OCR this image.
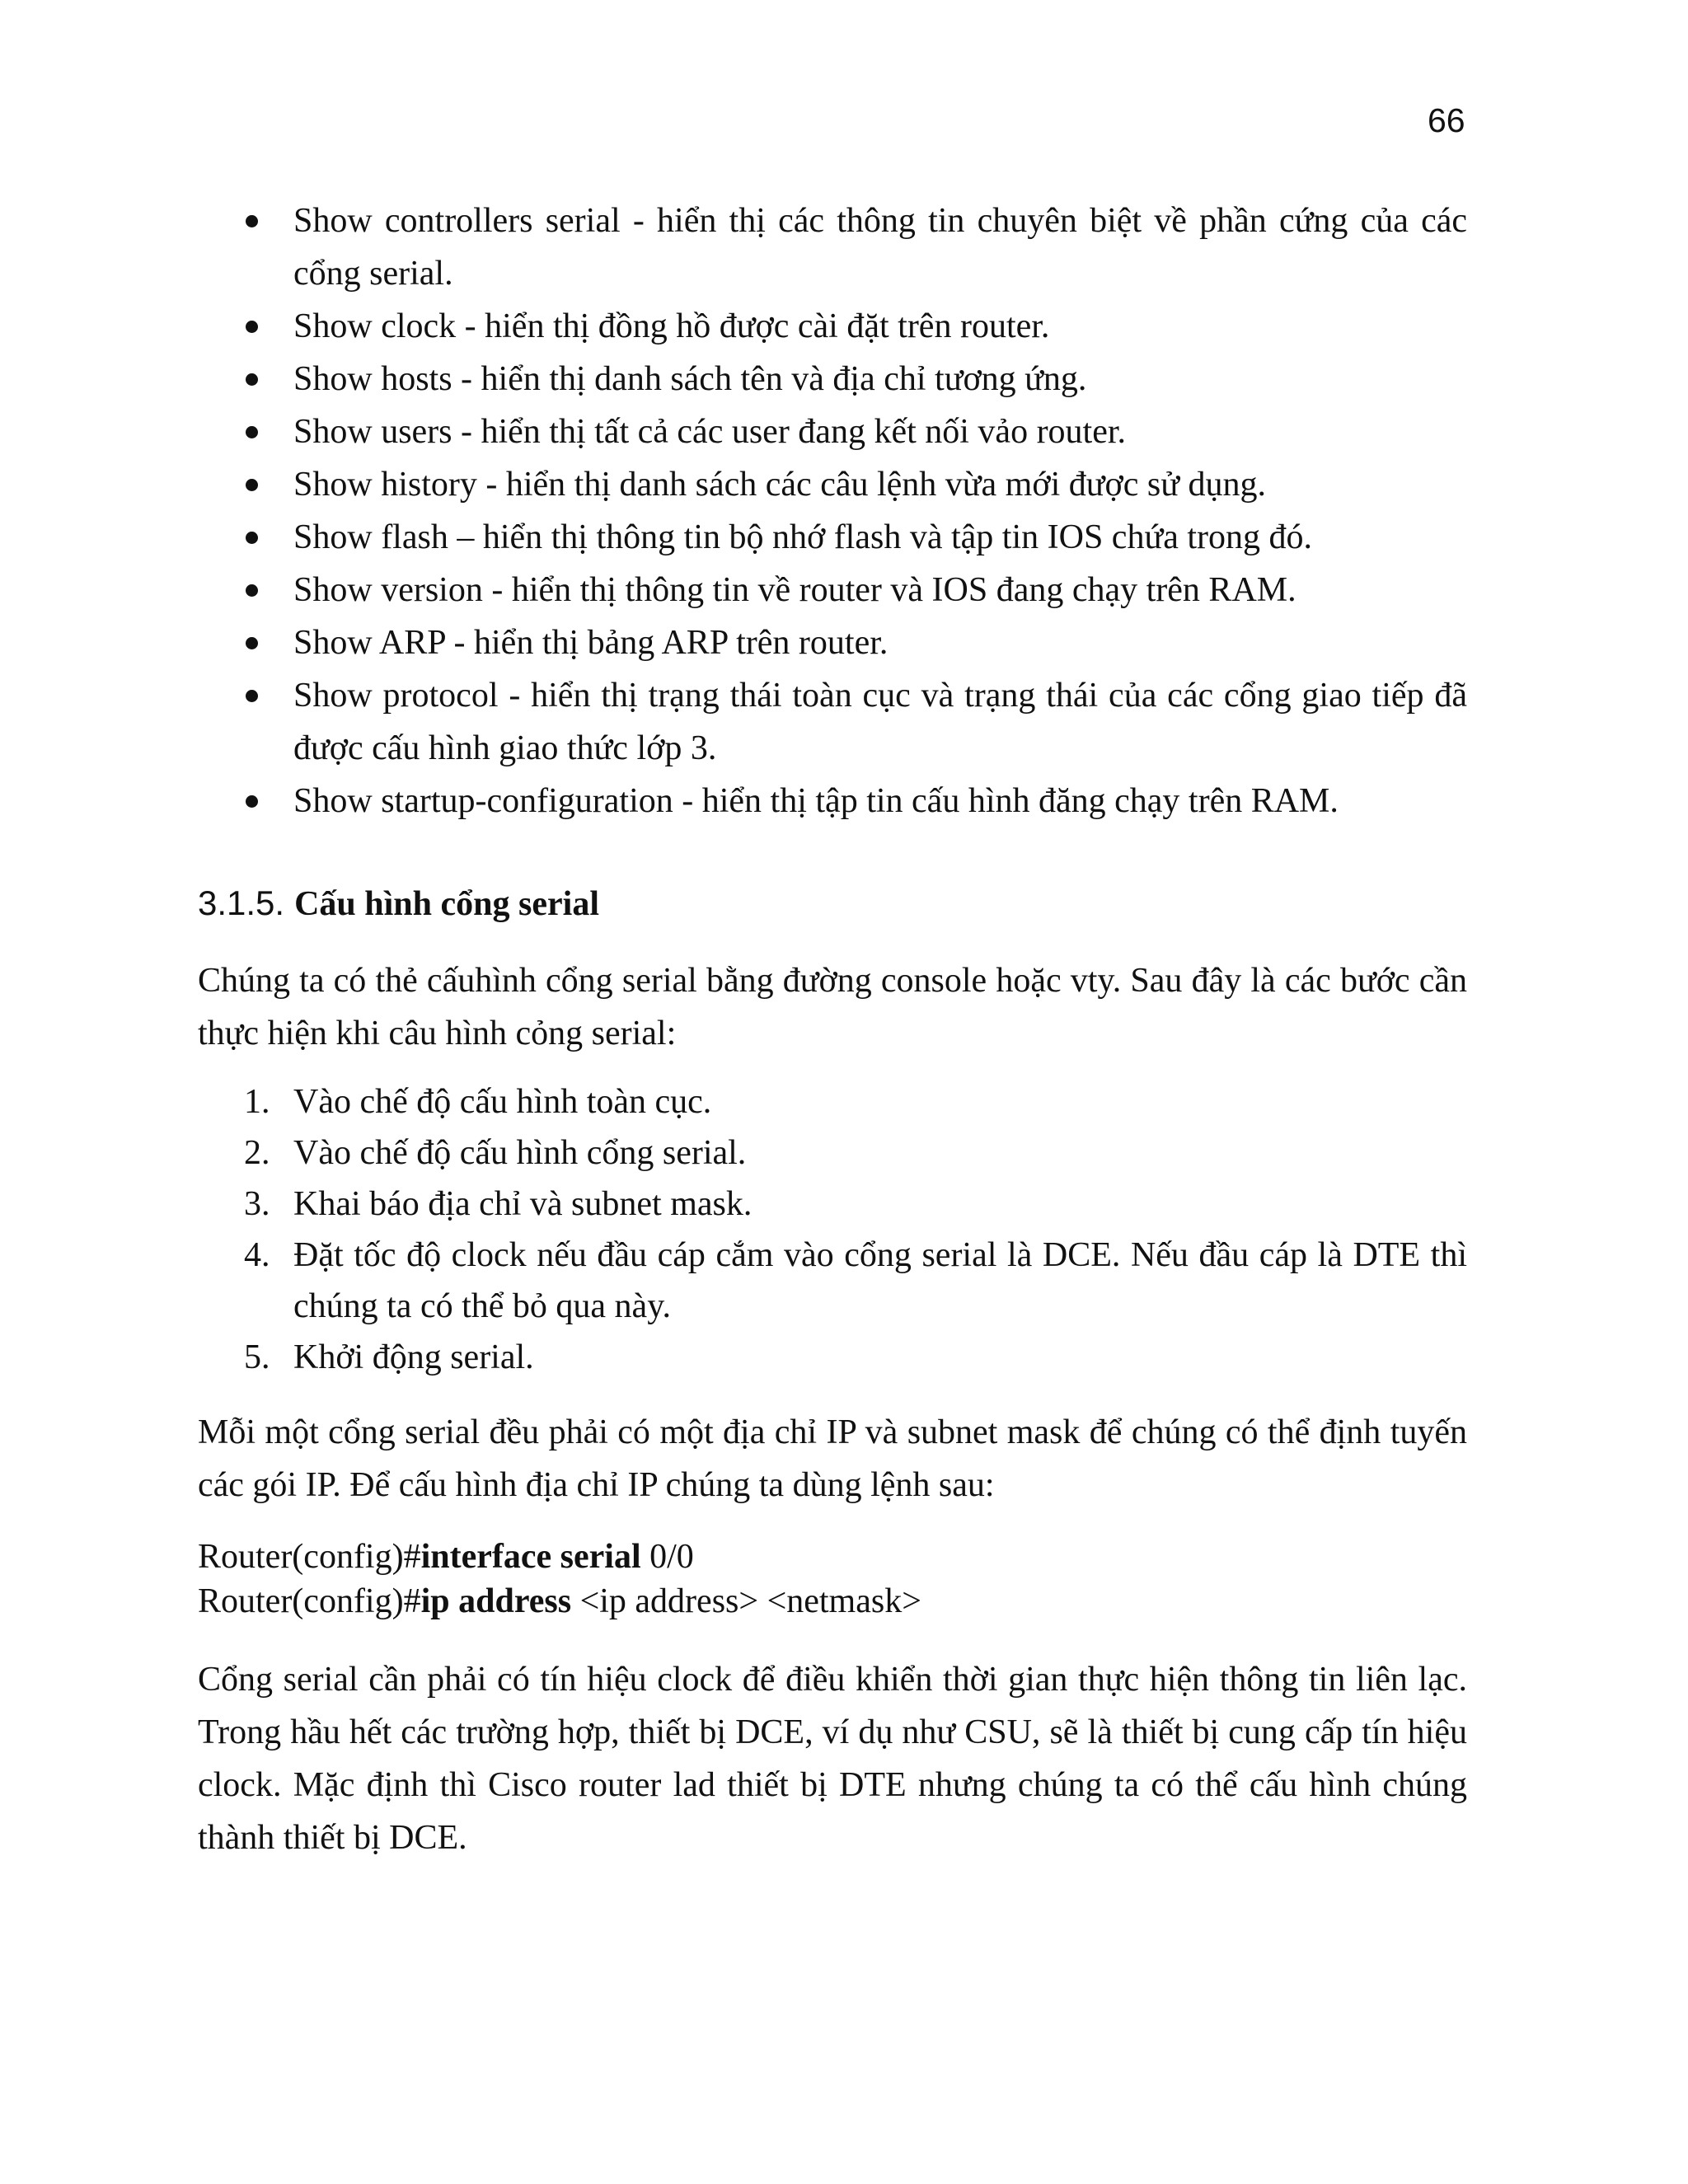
66
Show controllers serial - hiển thị các thông tin chuyên biệt về phần cứng của các cổng serial.
Show clock - hiển thị đồng hồ được cài đặt trên router.
Show hosts - hiển thị danh sách tên và địa chỉ tương ứng.
Show users - hiển thị tất cả các user đang kết nối vảo router.
Show history - hiển thị danh sách các câu lệnh vừa mới được sử dụng.
Show flash – hiển thị thông tin bộ nhớ flash và tập tin IOS chứa trong đó.
Show version - hiển thị thông tin về router và IOS đang chạy trên RAM.
Show ARP - hiển thị bảng ARP trên router.
Show protocol - hiển thị trạng thái toàn cục và trạng thái của các cổng giao tiếp đã được cấu hình giao thức lớp 3.
Show startup-configuration - hiển thị tập tin cấu hình đăng chạy trên RAM.
3.1.5. Cấu hình cổng serial

Chúng ta có thẻ cấuhình cổng serial bằng đường console hoặc vty. Sau đây là các bước cần thực hiện khi câu hình cỏng serial:

1. Vào chế độ cấu hình toàn cục.
2. Vào chế độ cấu hình cổng serial.
3. Khai báo địa chỉ và subnet mask.
4. Đặt tốc độ clock nếu đầu cáp cắm vào cổng serial là DCE. Nếu đầu cáp là DTE thì chúng ta có thể bỏ qua này.
5. Khởi động serial.

Mỗi một cổng serial đều phải có một địa chỉ IP và subnet mask để chúng có thể định tuyến các gói IP. Để cấu hình địa chỉ IP chúng ta dùng lệnh sau:

Router(config)#interface serial 0/0
Router(config)#ip address <ip address> <netmask>

Cổng serial cần phải có tín hiệu clock để điều khiển thời gian thực hiện thông tin liên lạc. Trong hầu hết các trường hợp, thiết bị DCE, ví dụ như CSU, sẽ là thiết bị cung cấp tín hiệu clock. Mặc định thì Cisco router lad thiết bị DTE nhưng chúng ta có thể cấu hình chúng thành thiết bị DCE.
